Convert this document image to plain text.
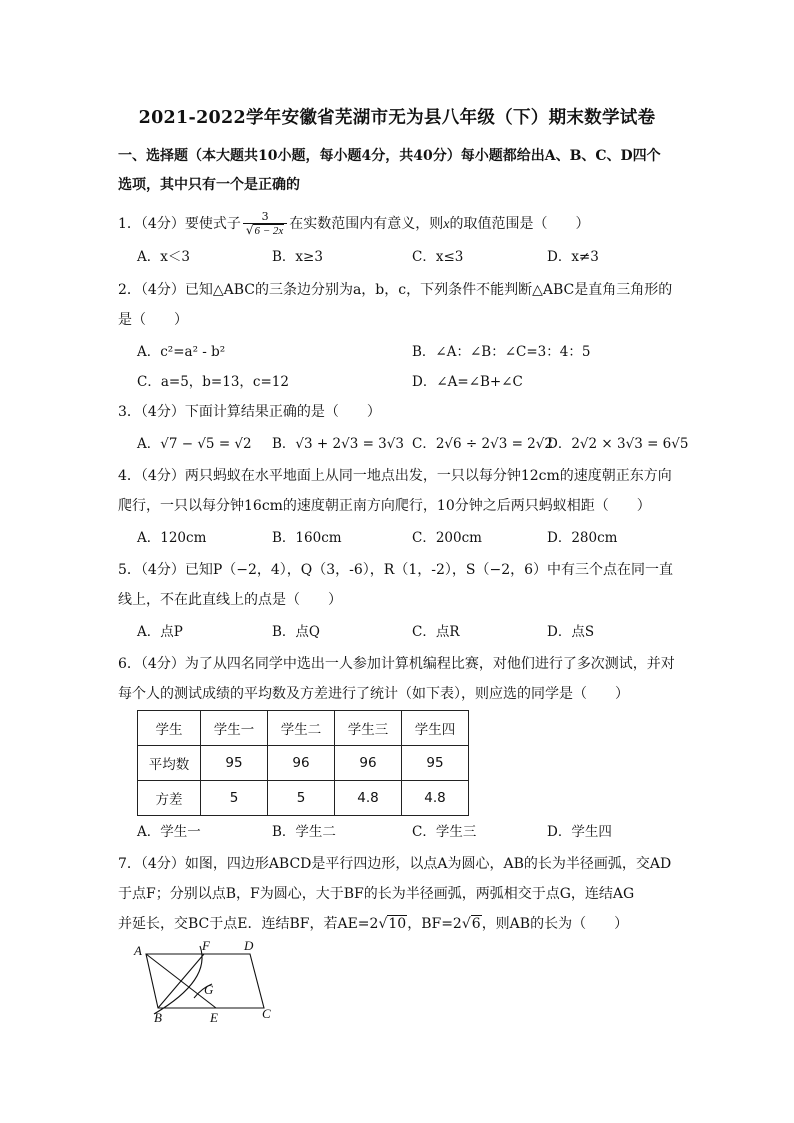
2021-2022学年安徽省芜湖市无为县八年级（下）期末数学试卷
一、选择题（本大题共10小题，每小题4分，共40分）每小题都给出A、B、C、D四个
选项，其中只有一个是正确的
1．（4分）要使式子 $\frac{3}{√6 - 2x}$ 在实数范围内有意义，则x的取值范围是（　　）
A．x＜3	B．x≥3	C．x≤3	D．x≠3
2．（4分）已知△ABC的三条边分别为a，b，c，下列条件不能判断△ABC是直角三角形的
是（　　）
A．c²=a² - b²	B．∠A：∠B：∠C=3：4：5
C．a=5，b=13，c=12	D．∠A=∠B+∠C
3．（4分）下面计算结果正确的是（　　）
A．√7 − √5 = √2 B．√3 + 2√3 = 3√3 C．2√6 ÷ 2√3 = 2√2
D．2√2 × 3√3 = 6√5
4．（4分）两只蚂蚁在水平地面上从同一地点出发，一只以每分钟12cm的速度朝正东方向
爬行，一只以每分钟16cm的速度朝正南方向爬行，10分钟之后两只蚂蚁相距（　　）
A．120cm	B．160cm	C．200cm	D．280cm
5．（4分）已知P（−2，4），Q（3，-6），R（1，-2），S（−2，6）中有三个点在同一直
线上，不在此直线上的点是（　　）
A．点P	B．点Q	C．点R	D．点S
6．（4分）为了从四名同学中选出一人参加计算机编程比赛，对他们进行了多次测试，并对
每个人的测试成绩的平均数及方差进行了统计（如下表），则应选的同学是（　　）
学生	学生一	学生二	学生三	学生四
平均数	95	96	96	95
方差	5	5	4.8	4.8
A．学生一	B．学生二	C．学生三	D．学生四
7．（4分）如图，四边形ABCD是平行四边形，以点A为圆心，AB的长为半径画弧，交AD
于点F；分别以点B，F为圆心，大于BF的长为半径画弧，两弧相交于点G，连结AG
并延长，交BC于点E．连结BF，若AE=2√10，BF=2√6，则AB的长为（　　）
A	F	D
G
B	E	C
